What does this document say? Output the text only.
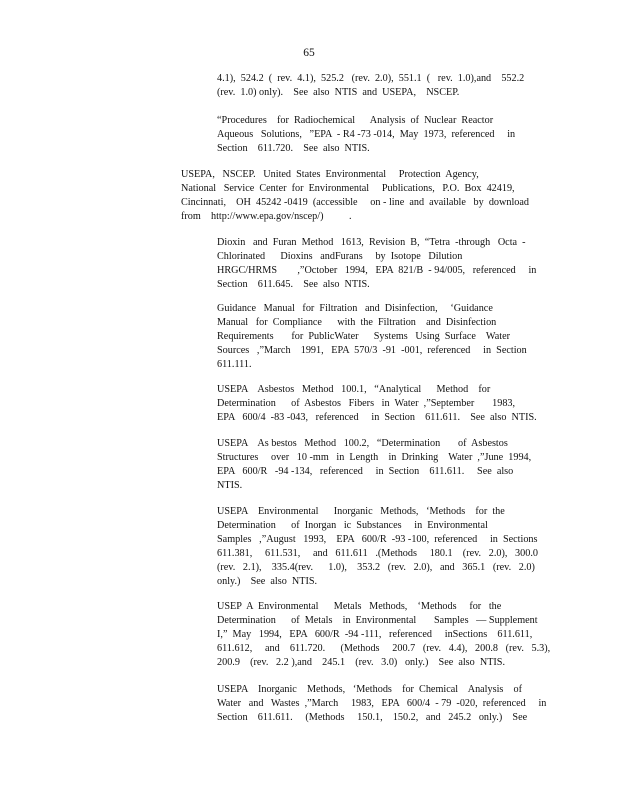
65
4.1),  524.2  (  rev.  4.1),  525.2   (rev.  2.0),  551.1  (   rev.  1.0),and    552.2
(rev.  1.0) only).    See  also  NTIS  and  USEPA,    NSCEP.
“Procedures    for  Radiochemical      Analysis  of  Nuclear  Reactor
Aqueous   Solutions,   ”EPA  - R4 -73 -014,  May  1973,  referenced     in
Section    611.720.    See  also  NTIS.
USEPA,   NSCEP.   United  States  Environmental     Protection  Agency,
National   Service  Center  for  Environmental     Publications,   P.O.  Box  42419,
Cincinnati,    OH  45242 -0419  (accessible     on - line  and  available   by  download
from    http://www.epa.gov/nscep/)          .
Dioxin   and  Furan  Method   1613,  Revision  B,  “Tetra  -through   Octa  -
Chlorinated      Dioxins   andFurans     by  Isotope   Dilution
HRGC/HRMS        ,”October   1994,   EPA  821/B  - 94/005,   referenced     in
Section    611.645.    See  also  NTIS.
Guidance   Manual   for  Filtration   and  Disinfection,     ‘Guidance
Manual   for  Compliance      with  the  Filtration    and  Disinfection
Requirements       for  PublicWater      Systems   Using  Surface    Water
Sources   ,”March    1991,   EPA  570/3  -91  -001,  referenced     in  Section
611.111.
USEPA    Asbestos   Method   100.1,   “Analytical      Method    for
Determination      of  Asbestos   Fibers   in  Water  ,”September       1983,
EPA   600/4  -83 -043,   referenced     in  Section    611.611.    See  also  NTIS.
USEPA    As bestos   Method   100.2,   “Determination       of  Asbestos
Structures     over   10 -mm   in  Length    in  Drinking    Water  ,”June  1994,
EPA   600/R   -94 -134,   referenced     in  Section    611.611.     See  also
NTIS.
USEPA    Environmental      Inorganic   Methods,   ‘Methods    for  the
Determination      of  Inorgan   ic  Substances     in  Environmental
Samples   ,”August   1993,    EPA   600/R  -93 -100,  referenced     in  Sections
611.381,     611.531,     and   611.611   .(Methods     180.1    (rev.   2.0),   300.0
(rev.   2.1),    335.4(rev.      1.0),    353.2   (rev.   2.0),   and   365.1   (rev.   2.0)
only.)    See  also  NTIS.
USEP  A  Environmental      Metals   Methods,    ‘Methods     for   the
Determination      of  Metals    in  Environmental       Samples   — Supplement
I,”  May   1994,   EPA   600/R  -94 -111,   referenced     inSections    611.611,
611.612,     and    611.720.      (Methods     200.7   (rev.   4.4),   200.8   (rev.   5.3),
200.9    (rev.   2.2 ),and    245.1    (rev.   3.0)   only.)    See  also  NTIS.
USEPA    Inorganic    Methods,   ‘Methods    for  Chemical    Analysis    of
Water   and   Wastes  ,”March     1983,   EPA   600/4  - 79  -020,  referenced     in
Section    611.611.     (Methods     150.1,    150.2,   and   245.2   only.)    See
